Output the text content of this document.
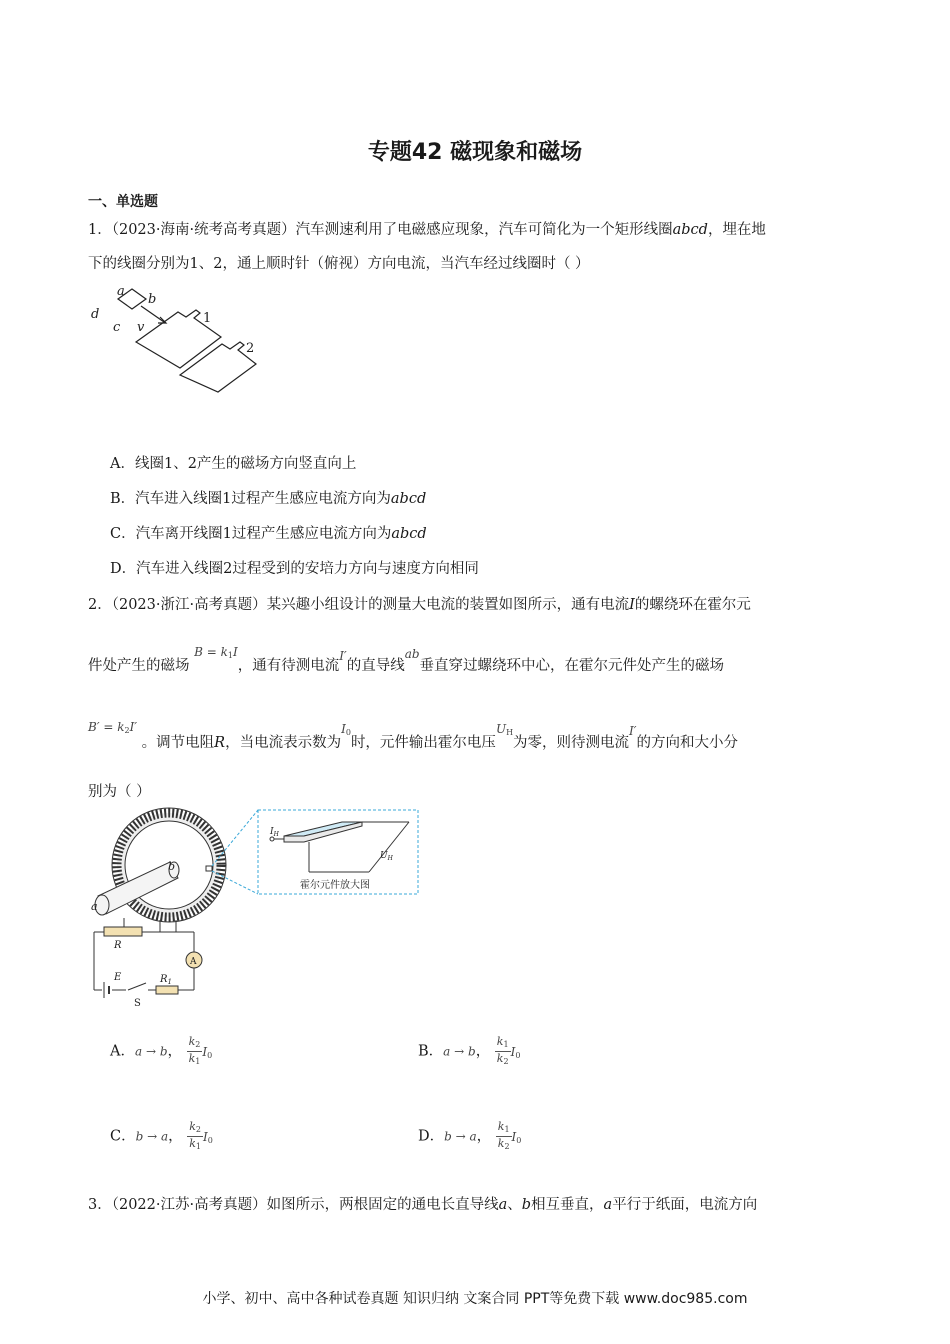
专题42 磁现象和磁场
一、单选题
1．（2023·海南·统考高考真题）汽车测速利用了电磁感应现象，汽车可简化为一个矩形线圈abcd，埋在地
下的线圈分别为1、2，通上顺时针（俯视）方向电流，当汽车经过线圈时（ ）
a
b
d
c v
1
2
A．线圈1、2产生的磁场方向竖直向上
B．汽车进入线圈1过程产生感应电流方向为abcd
C．汽车离开线圈1过程产生感应电流方向为abcd
D．汽车进入线圈2过程受到的安培力方向与速度方向相同
2．（2023·浙江·高考真题）某兴趣小组设计的测量大电流的装置如图所示，通有电流I的螺绕环在霍尔元
件处产生的磁场 $^{B = k_1I}$，通有待测电流$^{I'}$的直导线$^{ab}$垂直穿过螺绕环中心，在霍尔元件处产生的磁场
$^{B' = k_2I'}$ 。调节电阻R，当电流表示数为$^{I_0}$时，元件输出霍尔电压$^{U_H}$为零，则待测电流$^{I'}$的方向和大小分
别为（ ）
a
b
$I_H$
$U_H$
霍尔元件放大图
R
A
E	$R_1$
S
A．a → b， $\frac{k_2}{k_1} I_0$	B．a → b， $\frac{k_1}{k_2} I_0$
C．b → a， $\frac{k_2}{k_1} I_0$	D．b → a， $\frac{k_1}{k_2} I_0$
3．（2022·江苏·高考真题）如图所示，两根固定的通电长直导线a、b相互垂直，a平行于纸面，电流方向
小学、初中、高中各种试卷真题 知识归纳 文案合同 PPT等免费下载 www.doc985.com
